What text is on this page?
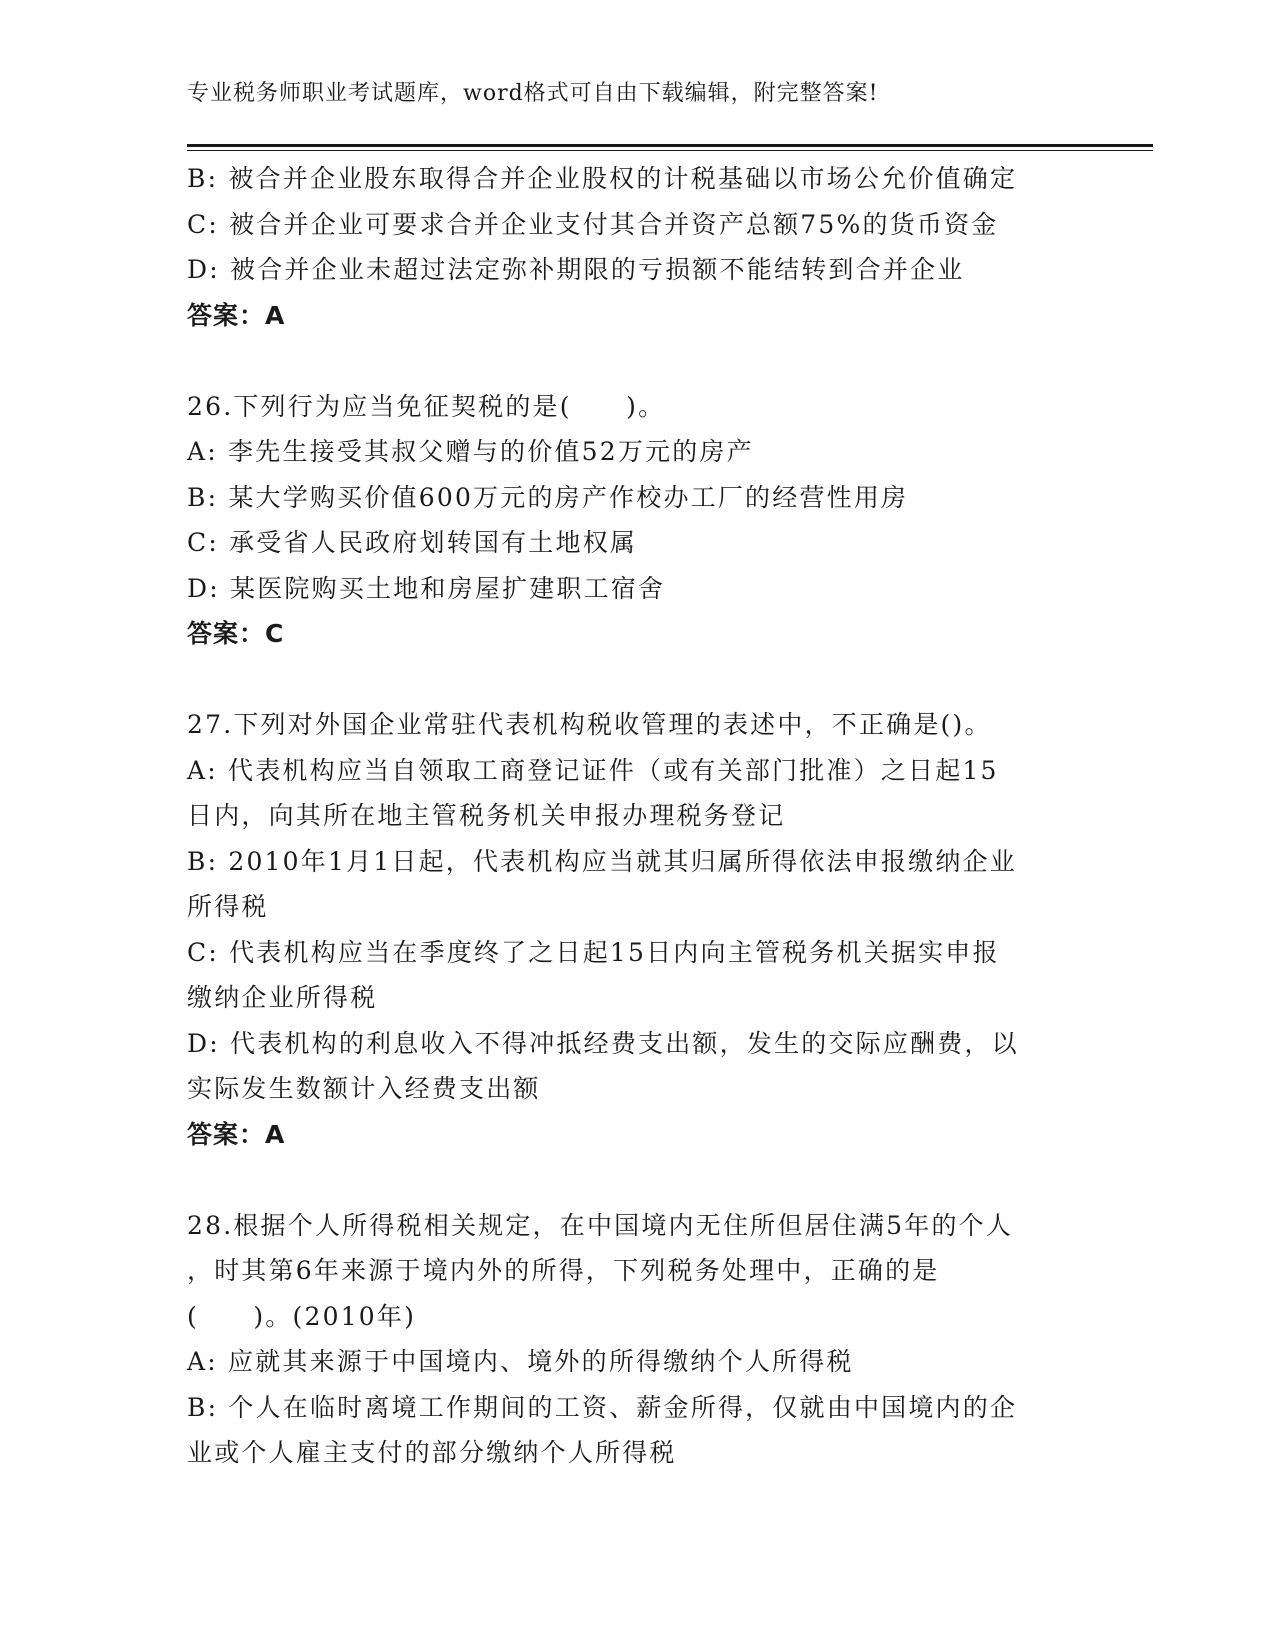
专业税务师职业考试题库，word格式可自由下载编辑，附完整答案!
B: 被合并企业股东取得合并企业股权的计税基础以市场公允价值确定
C: 被合并企业可要求合并企业支付其合并资产总额75%的货币资金
D: 被合并企业未超过法定弥补期限的亏损额不能结转到合并企业
答案：A
26.下列行为应当免征契税的是(　　)。
A: 李先生接受其叔父赠与的价值52万元的房产
B: 某大学购买价值600万元的房产作校办工厂的经营性用房
C: 承受省人民政府划转国有土地权属
D: 某医院购买土地和房屋扩建职工宿舍
答案：C
27.下列对外国企业常驻代表机构税收管理的表述中，不正确是()。
A: 代表机构应当自领取工商登记证件（或有关部门批准）之日起15
日内，向其所在地主管税务机关申报办理税务登记
B: 2010年1月1日起，代表机构应当就其归属所得依法申报缴纳企业
所得税
C: 代表机构应当在季度终了之日起15日内向主管税务机关据实申报
缴纳企业所得税
D: 代表机构的利息收入不得冲抵经费支出额，发生的交际应酬费，以
实际发生数额计入经费支出额
答案：A
28.根据个人所得税相关规定，在中国境内无住所但居住满5年的个人
，时其第6年来源于境内外的所得，下列税务处理中，正确的是
(　　)。(2010年)
A: 应就其来源于中国境内、境外的所得缴纳个人所得税
B: 个人在临时离境工作期间的工资、薪金所得，仅就由中国境内的企
业或个人雇主支付的部分缴纳个人所得税
